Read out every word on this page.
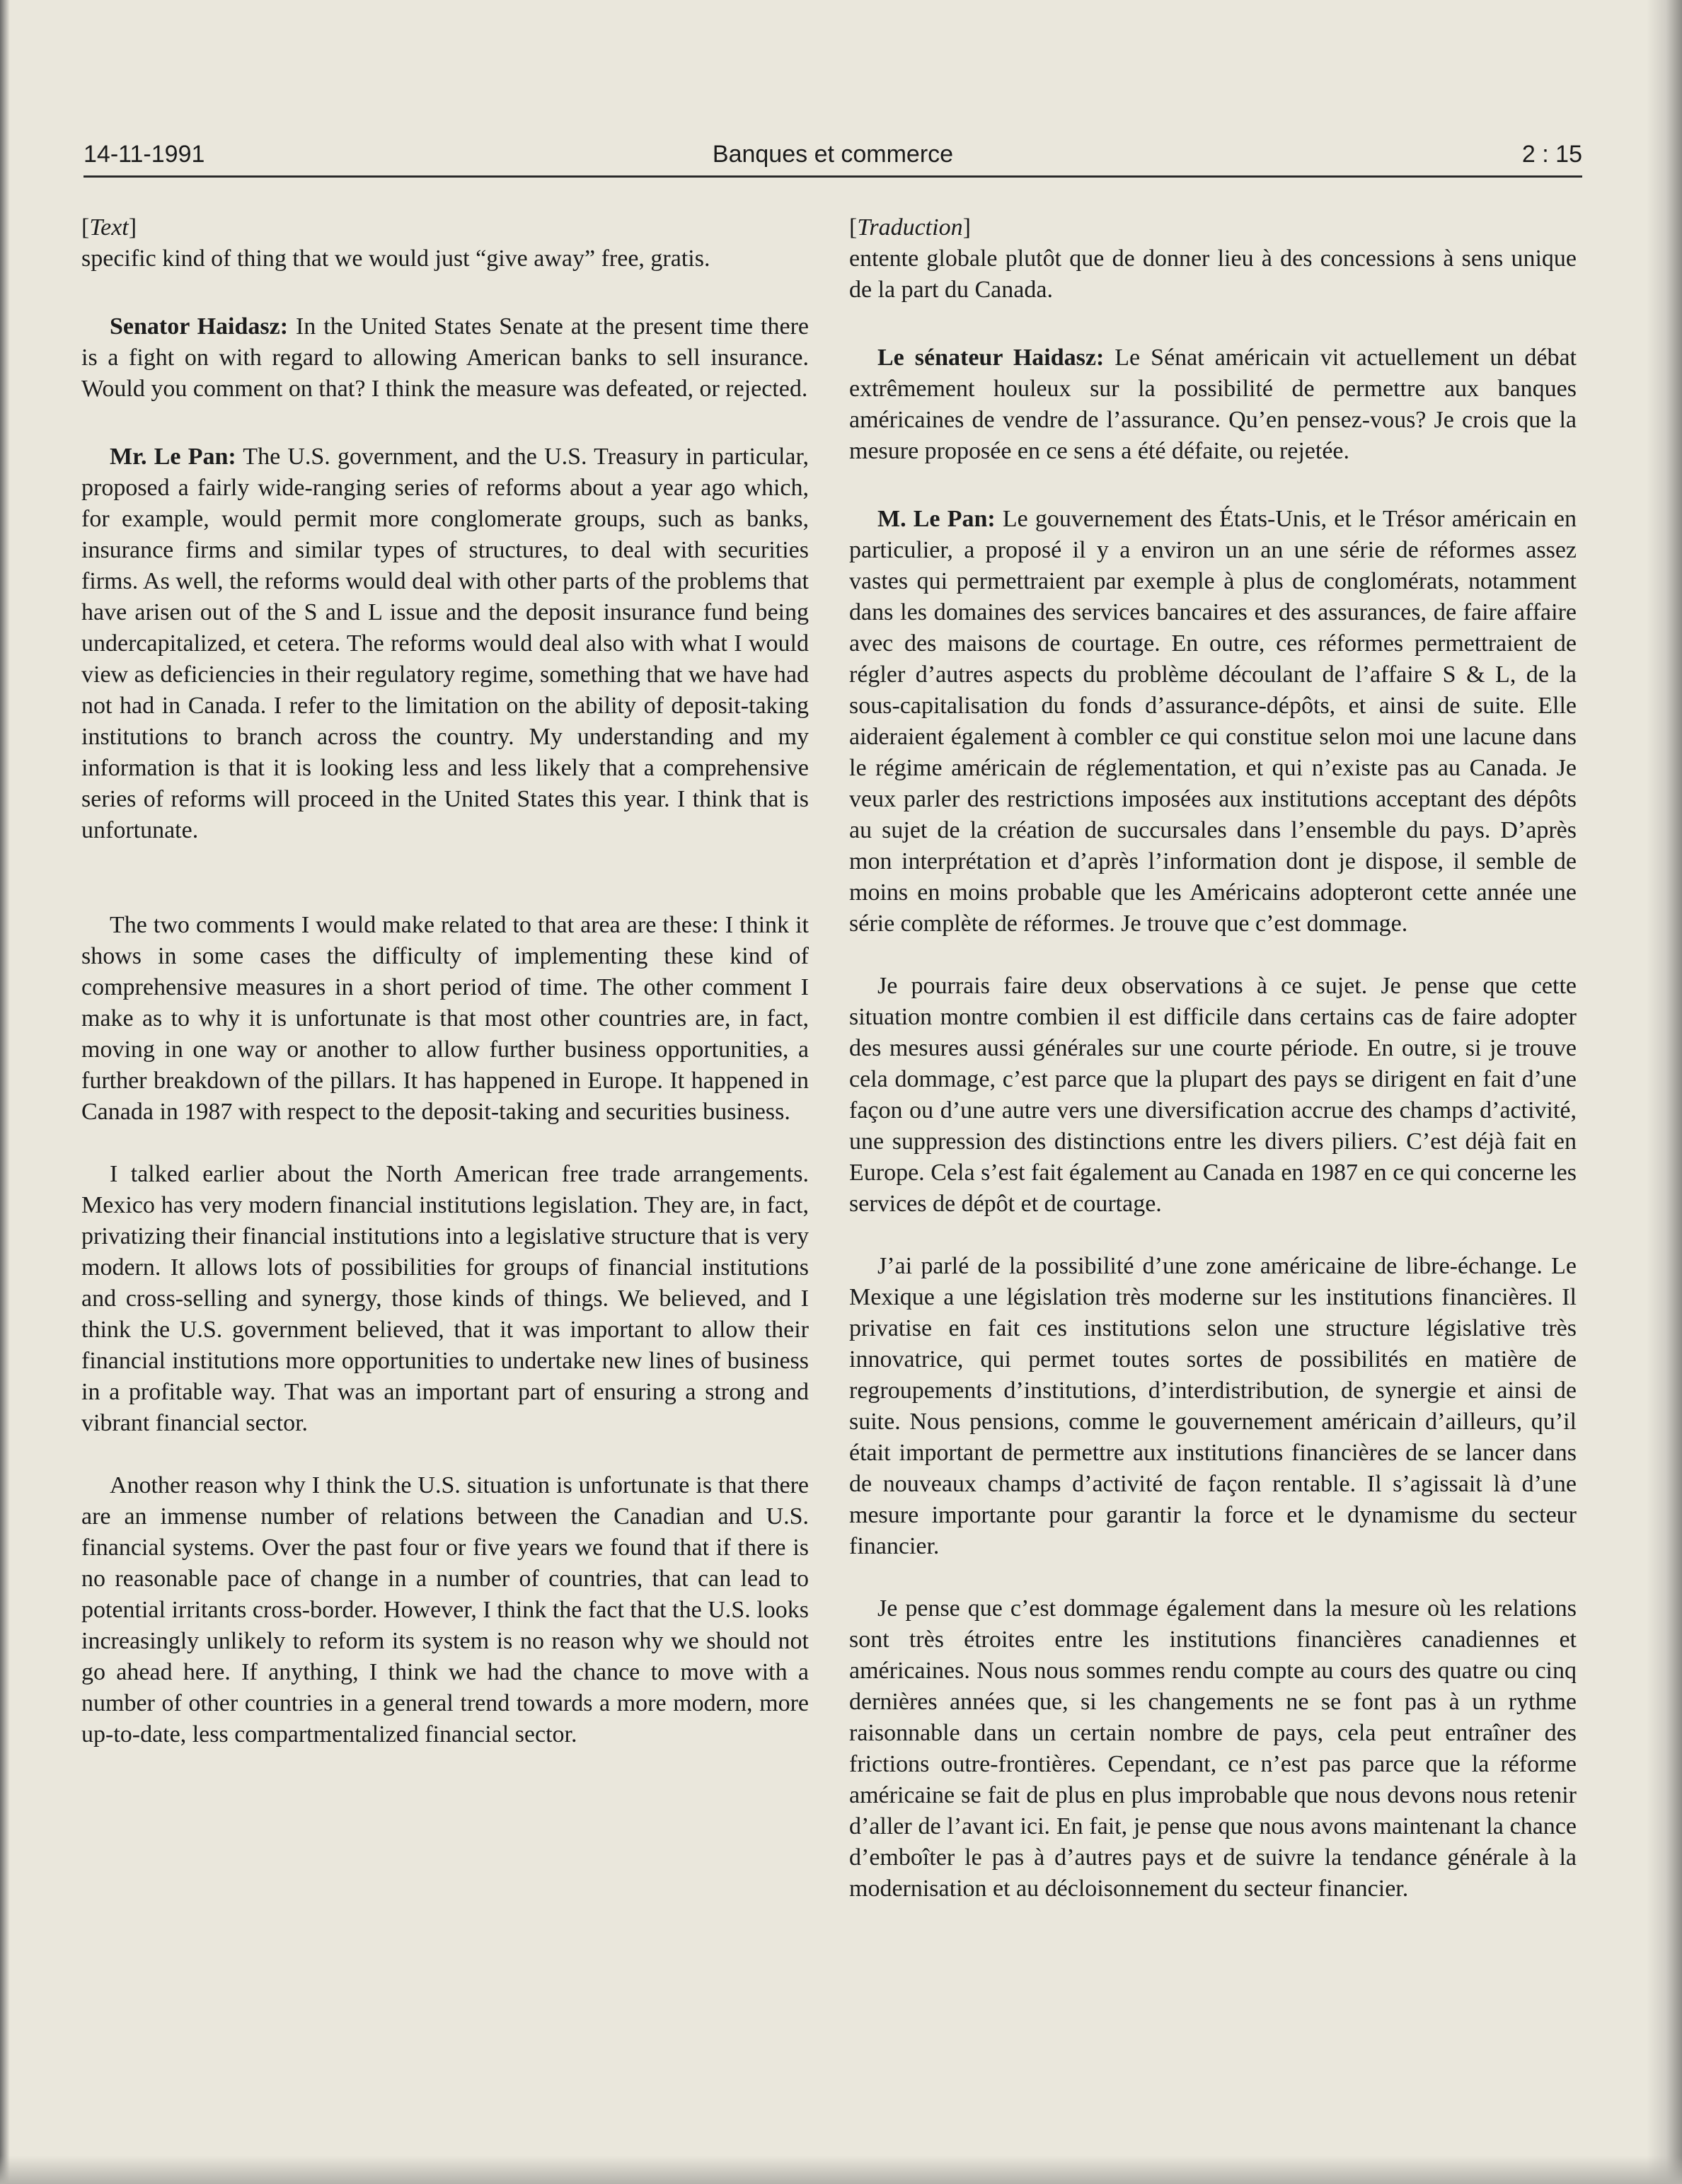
14-11-1991	Banques et commerce	2 : 15
[Text]

specific kind of thing that we would just “give away” free, gratis.

Senator Haidasz: In the United States Senate at the present time there is a fight on with regard to allowing American banks to sell insurance. Would you comment on that? I think the measure was defeated, or rejected.

Mr. Le Pan: The U.S. government, and the U.S. Treasury in particular, proposed a fairly wide-ranging series of reforms about a year ago which, for example, would permit more conglomerate groups, such as banks, insurance firms and similar types of structures, to deal with securities firms. As well, the reforms would deal with other parts of the problems that have arisen out of the S and L issue and the deposit insurance fund being undercapitalized, et cetera. The reforms would deal also with what I would view as deficiencies in their regulatory regime, something that we have had not had in Canada. I refer to the limitation on the ability of deposit-taking institutions to branch across the country. My understanding and my information is that it is looking less and less likely that a comprehensive series of reforms will proceed in the United States this year. I think that is unfortunate.

The two comments I would make related to that area are these: I think it shows in some cases the difficulty of implementing these kind of comprehensive measures in a short period of time. The other comment I make as to why it is unfortunate is that most other countries are, in fact, moving in one way or another to allow further business opportunities, a further breakdown of the pillars. It has happened in Europe. It happened in Canada in 1987 with respect to the deposit-taking and securities business.

I talked earlier about the North American free trade arrangements. Mexico has very modern financial institutions legislation. They are, in fact, privatizing their financial institutions into a legislative structure that is very modern. It allows lots of possibilities for groups of financial institutions and cross-selling and synergy, those kinds of things. We believed, and I think the U.S. government believed, that it was important to allow their financial institutions more opportunities to undertake new lines of business in a profitable way. That was an important part of ensuring a strong and vibrant financial sector.

Another reason why I think the U.S. situation is unfortunate is that there are an immense number of relations between the Canadian and U.S. financial systems. Over the past four or five years we found that if there is no reasonable pace of change in a number of countries, that can lead to potential irritants cross-border. However, I think the fact that the U.S. looks increasingly unlikely to reform its system is no reason why we should not go ahead here. If anything, I think we had the chance to move with a number of other countries in a general trend towards a more modern, more up-to-date, less compartmentalized financial sector.

[Traduction]

entente globale plutôt que de donner lieu à des concessions à sens unique de la part du Canada.

Le sénateur Haidasz: Le Sénat américain vit actuellement un débat extrêmement houleux sur la possibilité de permettre aux banques américaines de vendre de l’assurance. Qu’en pensez-vous? Je crois que la mesure proposée en ce sens a été défaite, ou rejetée.

M. Le Pan: Le gouvernement des États-Unis, et le Trésor américain en particulier, a proposé il y a environ un an une série de réformes assez vastes qui permettraient par exemple à plus de conglomérats, notamment dans les domaines des services bancaires et des assurances, de faire affaire avec des maisons de courtage. En outre, ces réformes permettraient de régler d’autres aspects du problème découlant de l’affaire S & L, de la sous-capitalisation du fonds d’assurance-dépôts, et ainsi de suite. Elle aideraient également à combler ce qui constitue selon moi une lacune dans le régime américain de réglementation, et qui n’existe pas au Canada. Je veux parler des restrictions imposées aux institutions acceptant des dépôts au sujet de la création de succursales dans l’ensemble du pays. D’après mon interprétation et d’après l’information dont je dispose, il semble de moins en moins probable que les Américains adopteront cette année une série complète de réformes. Je trouve que c’est dommage.

Je pourrais faire deux observations à ce sujet. Je pense que cette situation montre combien il est difficile dans certains cas de faire adopter des mesures aussi générales sur une courte période. En outre, si je trouve cela dommage, c’est parce que la plupart des pays se dirigent en fait d’une façon ou d’une autre vers une diversification accrue des champs d’activité, une suppression des distinctions entre les divers piliers. C’est déjà fait en Europe. Cela s’est fait également au Canada en 1987 en ce qui concerne les services de dépôt et de courtage.

J’ai parlé de la possibilité d’une zone américaine de libre-échange. Le Mexique a une législation très moderne sur les institutions financières. Il privatise en fait ces institutions selon une structure législative très innovatrice, qui permet toutes sortes de possibilités en matière de regroupements d’institutions, d’interdistribution, de synergie et ainsi de suite. Nous pensions, comme le gouvernement américain d’ailleurs, qu’il était important de permettre aux institutions financières de se lancer dans de nouveaux champs d’activité de façon rentable. Il s’agissait là d’une mesure importante pour garantir la force et le dynamisme du secteur financier.

Je pense que c’est dommage également dans la mesure où les relations sont très étroites entre les institutions financières canadiennes et américaines. Nous nous sommes rendu compte au cours des quatre ou cinq dernières années que, si les changements ne se font pas à un rythme raisonnable dans un certain nombre de pays, cela peut entraîner des frictions outre-frontières. Cependant, ce n’est pas parce que la réforme américaine se fait de plus en plus improbable que nous devons nous retenir d’aller de l’avant ici. En fait, je pense que nous avons maintenant la chance d’emboîter le pas à d’autres pays et de suivre la tendance générale à la modernisation et au décloisonnement du secteur financier.
